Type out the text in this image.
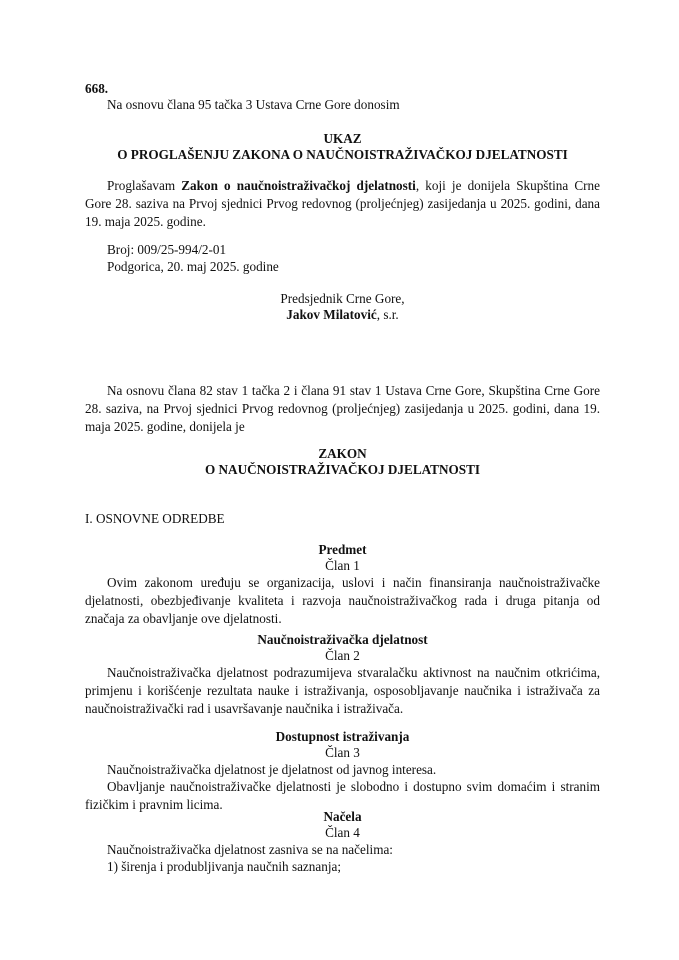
668.

Na osnovu člana 95 tačka 3 Ustava Crne Gore donosim

UKAZ

O PROGLAŠENJU ZAKONA O NAUČNOISTRAŽIVAČKOJ DJELATNOSTI

Proglašavam Zakon o naučnoistraživačkoj djelatnosti, koji je donijela Skupština Crne Gore 28. saziva na Prvoj sjednici Prvog redovnog (proljećnjeg) zasijedanja u 2025. godini, dana 19. maja 2025. godine.

Broj: 009/25-994/2-01

Podgorica, 20. maj 2025. godine

Predsjednik Crne Gore,

Jakov Milatović, s.r.

Na osnovu člana 82 stav 1 tačka 2 i člana 91 stav 1 Ustava Crne Gore, Skupština Crne Gore 28. saziva, na Prvoj sjednici Prvog redovnog (proljećnjeg) zasijedanja u 2025. godini, dana 19. maja 2025. godine, donijela je

ZAKON

O NAUČNOISTRAŽIVAČKOJ DJELATNOSTI

I. OSNOVNE ODREDBE

Predmet

Član 1

Ovim zakonom uređuju se organizacija, uslovi i način finansiranja naučnoistraživačke djelatnosti, obezbjeđivanje kvaliteta i razvoja naučnoistraživačkog rada i druga pitanja od značaja za obavljanje ove djelatnosti.

Naučnoistraživačka djelatnost

Član 2

Naučnoistraživačka djelatnost podrazumijeva stvaralačku aktivnost na naučnim otkrićima, primjenu i korišćenje rezultata nauke i istraživanja, osposobljavanje naučnika i istraživača za naučnoistraživački rad i usavršavanje naučnika i istraživača.

Dostupnost istraživanja

Član 3

Naučnoistraživačka djelatnost je djelatnost od javnog interesa.

Obavljanje naučnoistraživačke djelatnosti je slobodno i dostupno svim domaćim i stranim fizičkim i pravnim licima.

Načela

Član 4

Naučnoistraživačka djelatnost zasniva se na načelima:

1) širenja i produbljivanja naučnih saznanja;
